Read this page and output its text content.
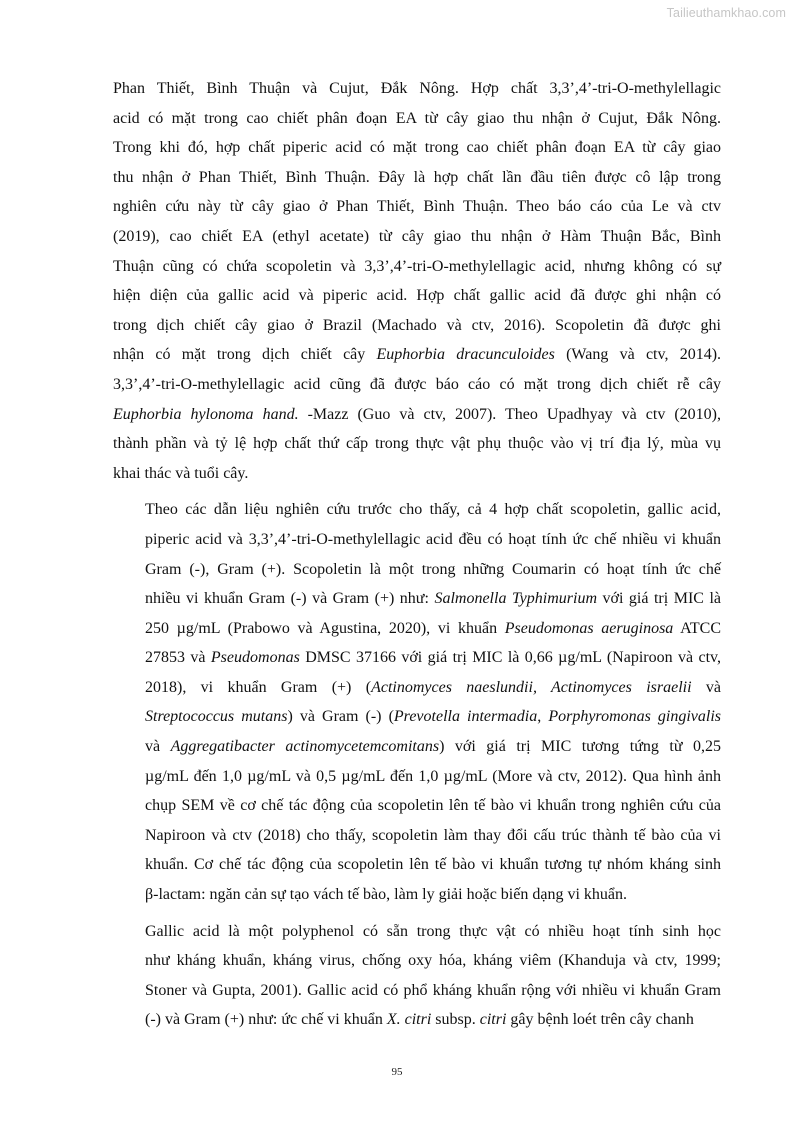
Tailieuthamkhao.com

Phan Thiết, Bình Thuận và Cujut, Đắk Nông. Hợp chất 3,3’,4’-tri-O-methylellagic
acid có mặt trong cao chiết phân đoạn EA từ cây giao thu nhận ở Cujut, Đắk Nông.
Trong khi đó, hợp chất piperic acid có mặt trong cao chiết phân đoạn EA từ cây giao
thu nhận ở Phan Thiết, Bình Thuận. Đây là hợp chất lần đầu tiên được cô lập trong
nghiên cứu này từ cây giao ở Phan Thiết, Bình Thuận. Theo báo cáo của Le và ctv
(2019), cao chiết EA (ethyl acetate) từ cây giao thu nhận ở Hàm Thuận Bắc, Bình
Thuận cũng có chứa scopoletin và 3,3’,4’-tri-O-methylellagic acid, nhưng không có sự
hiện diện của gallic acid và piperic acid. Hợp chất gallic acid đã được ghi nhận có
trong dịch chiết cây giao ở Brazil (Machado và ctv, 2016). Scopoletin đã được ghi
nhận có mặt trong dịch chiết cây Euphorbia dracunculoides (Wang và ctv, 2014).
3,3’,4’-tri-O-methylellagic acid cũng đã được báo cáo có mặt trong dịch chiết rễ cây
Euphorbia hylonoma hand. -Mazz (Guo và ctv, 2007). Theo Upadhyay và ctv (2010),
thành phần và tỷ lệ hợp chất thứ cấp trong thực vật phụ thuộc vào vị trí địa lý, mùa vụ
khai thác và tuổi cây.

Theo các dẫn liệu nghiên cứu trước cho thấy, cả 4 hợp chất scopoletin, gallic acid,
piperic acid và 3,3’,4’-tri-O-methylellagic acid đều có hoạt tính ức chế nhiều vi khuẩn
Gram (-), Gram (+). Scopoletin là một trong những Coumarin có hoạt tính ức chế
nhiều vi khuẩn Gram (-) và Gram (+) như: Salmonella Typhimurium với giá trị MIC là
250 µg/mL (Prabowo và Agustina, 2020), vi khuẩn Pseudomonas aeruginosa ATCC
27853 và Pseudomonas DMSC 37166 với giá trị MIC là 0,66 µg/mL (Napiroon và ctv,
2018), vi khuẩn Gram (+) (Actinomyces naeslundii, Actinomyces israelii và
Streptococcus mutans) và Gram (-) (Prevotella intermadia, Porphyromonas gingivalis
và Aggregatibacter actinomycetemcomitans) với giá trị MIC tương tứng từ 0,25
µg/mL đến 1,0 µg/mL và 0,5 µg/mL đến 1,0 µg/mL (More và ctv, 2012). Qua hình ảnh
chụp SEM về cơ chế tác động của scopoletin lên tế bào vi khuẩn trong nghiên cứu của
Napiroon và ctv (2018) cho thấy, scopoletin làm thay đổi cấu trúc thành tế bào của vi
khuẩn. Cơ chế tác động của scopoletin lên tế bào vi khuẩn tương tự nhóm kháng sinh
β-lactam: ngăn cản sự tạo vách tế bào, làm ly giải hoặc biến dạng vi khuẩn.

Gallic acid là một polyphenol có sẵn trong thực vật có nhiều hoạt tính sinh học
như kháng khuẩn, kháng virus, chống oxy hóa, kháng viêm (Khanduja và ctv, 1999;
Stoner và Gupta, 2001). Gallic acid có phổ kháng khuẩn rộng với nhiều vi khuẩn Gram
(-) và Gram (+) như: ức chế vi khuẩn X. citri subsp. citri gây bệnh loét trên cây chanh

95
